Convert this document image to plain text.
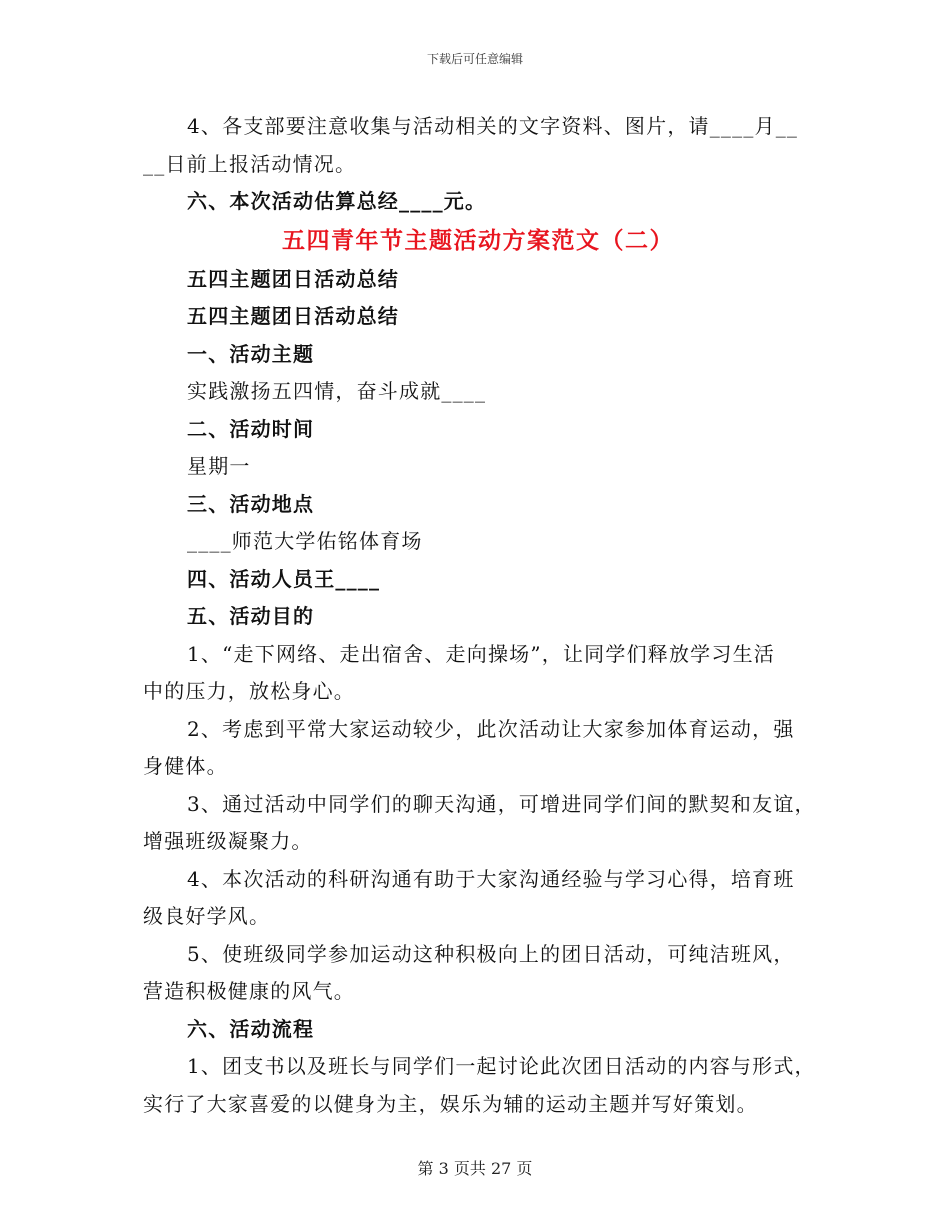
下载后可任意编辑
4、各支部要注意收集与活动相关的文字资料、图片，请____月__
__日前上报活动情况。
六、本次活动估算总经____元。
五四青年节主题活动方案范文（二）
五四主题团日活动总结
五四主题团日活动总结
一、活动主题
实践激扬五四情，奋斗成就____
二、活动时间
星期一
三、活动地点
____师范大学佑铭体育场
四、活动人员王____
五、活动目的
1、“走下网络、走出宿舍、走向操场”，让同学们释放学习生活
中的压力，放松身心。
2、考虑到平常大家运动较少，此次活动让大家参加体育运动，强
身健体。
3、通过活动中同学们的聊天沟通，可增进同学们间的默契和友谊，
增强班级凝聚力。
4、本次活动的科研沟通有助于大家沟通经验与学习心得，培育班
级良好学风。
5、使班级同学参加运动这种积极向上的团日活动，可纯洁班风，
营造积极健康的风气。
六、活动流程
1、团支书以及班长与同学们一起讨论此次团日活动的内容与形式，
实行了大家喜爱的以健身为主，娱乐为辅的运动主题并写好策划。
第 3 页共 27 页
